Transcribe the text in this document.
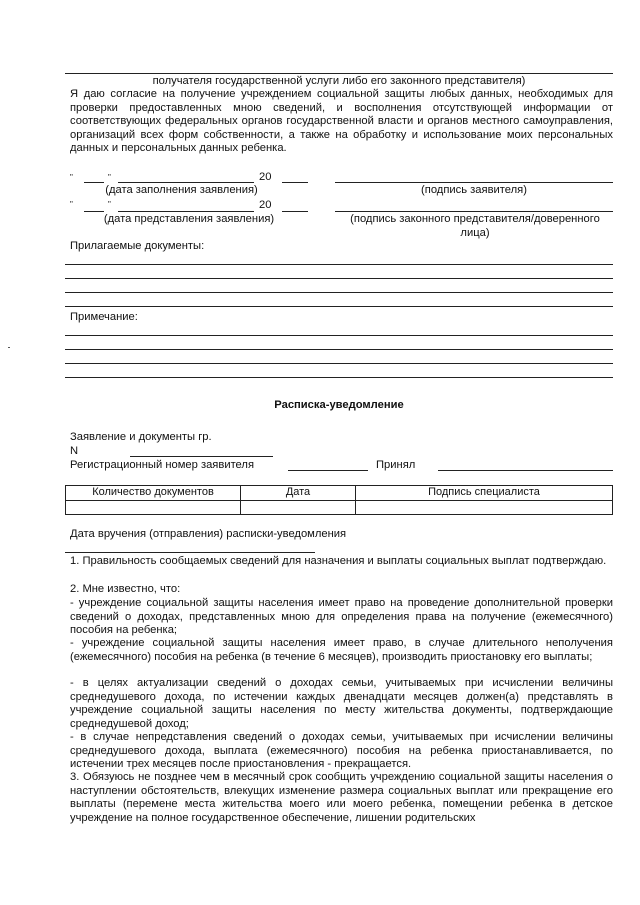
получателя государственной услуги либо его законного представителя)
Я даю согласие на получение учреждением социальной защиты любых данных, необходимых для проверки предоставленных мною сведений, и восполнения отсутствующей информации от соответствующих федеральных органов государственной власти и органов местного самоуправления, организаций всех форм собственности, а также на обработку и использование моих персональных данных и персональных данных ребенка.
"	"	20
(дата заполнения заявления)	(подпись заявителя)
"	"	20
(дата представления заявления)	(подпись законного представителя/доверенного
лица)
Прилагаемые документы:
Примечание:
Расписка-уведомление
Заявление и документы гр.
N
Регистрационный номер заявителя	Принял
Количество документов	Дата	Подпись специалиста

Дата вручения (отправления) расписки-уведомления
1. Правильность сообщаемых сведений для назначения и выплаты социальных выплат подтверждаю.
2. Мне известно, что:
- учреждение социальной защиты населения имеет право на проведение дополнительной проверки сведений о доходах, представленных мною для определения права на получение (ежемесячного) пособия на ребенка;
- учреждение социальной защиты населения имеет право, в случае длительного неполучения (ежемесячного) пособия на ребенка (в течение 6 месяцев), производить приостановку его выплаты;
- в целях актуализации сведений о доходах семьи, учитываемых при исчислении величины среднедушевого дохода, по истечении каждых двенадцати месяцев должен(а) представлять в учреждение социальной защиты населения по месту жительства документы, подтверждающие среднедушевой доход;
- в случае непредставления сведений о доходах семьи, учитываемых при исчислении величины среднедушевого дохода, выплата (ежемесячного) пособия на ребенка приостанавливается, по истечении трех месяцев после приостановления - прекращается.
3. Обязуюсь не позднее чем в месячный срок сообщить учреждению социальной защиты населения о наступлении обстоятельств, влекущих изменение размера социальных выплат или прекращение его выплаты (перемене места жительства моего или моего ребенка, помещении ребенка в детское учреждение на полное государственное обеспечение, лишении родительских
